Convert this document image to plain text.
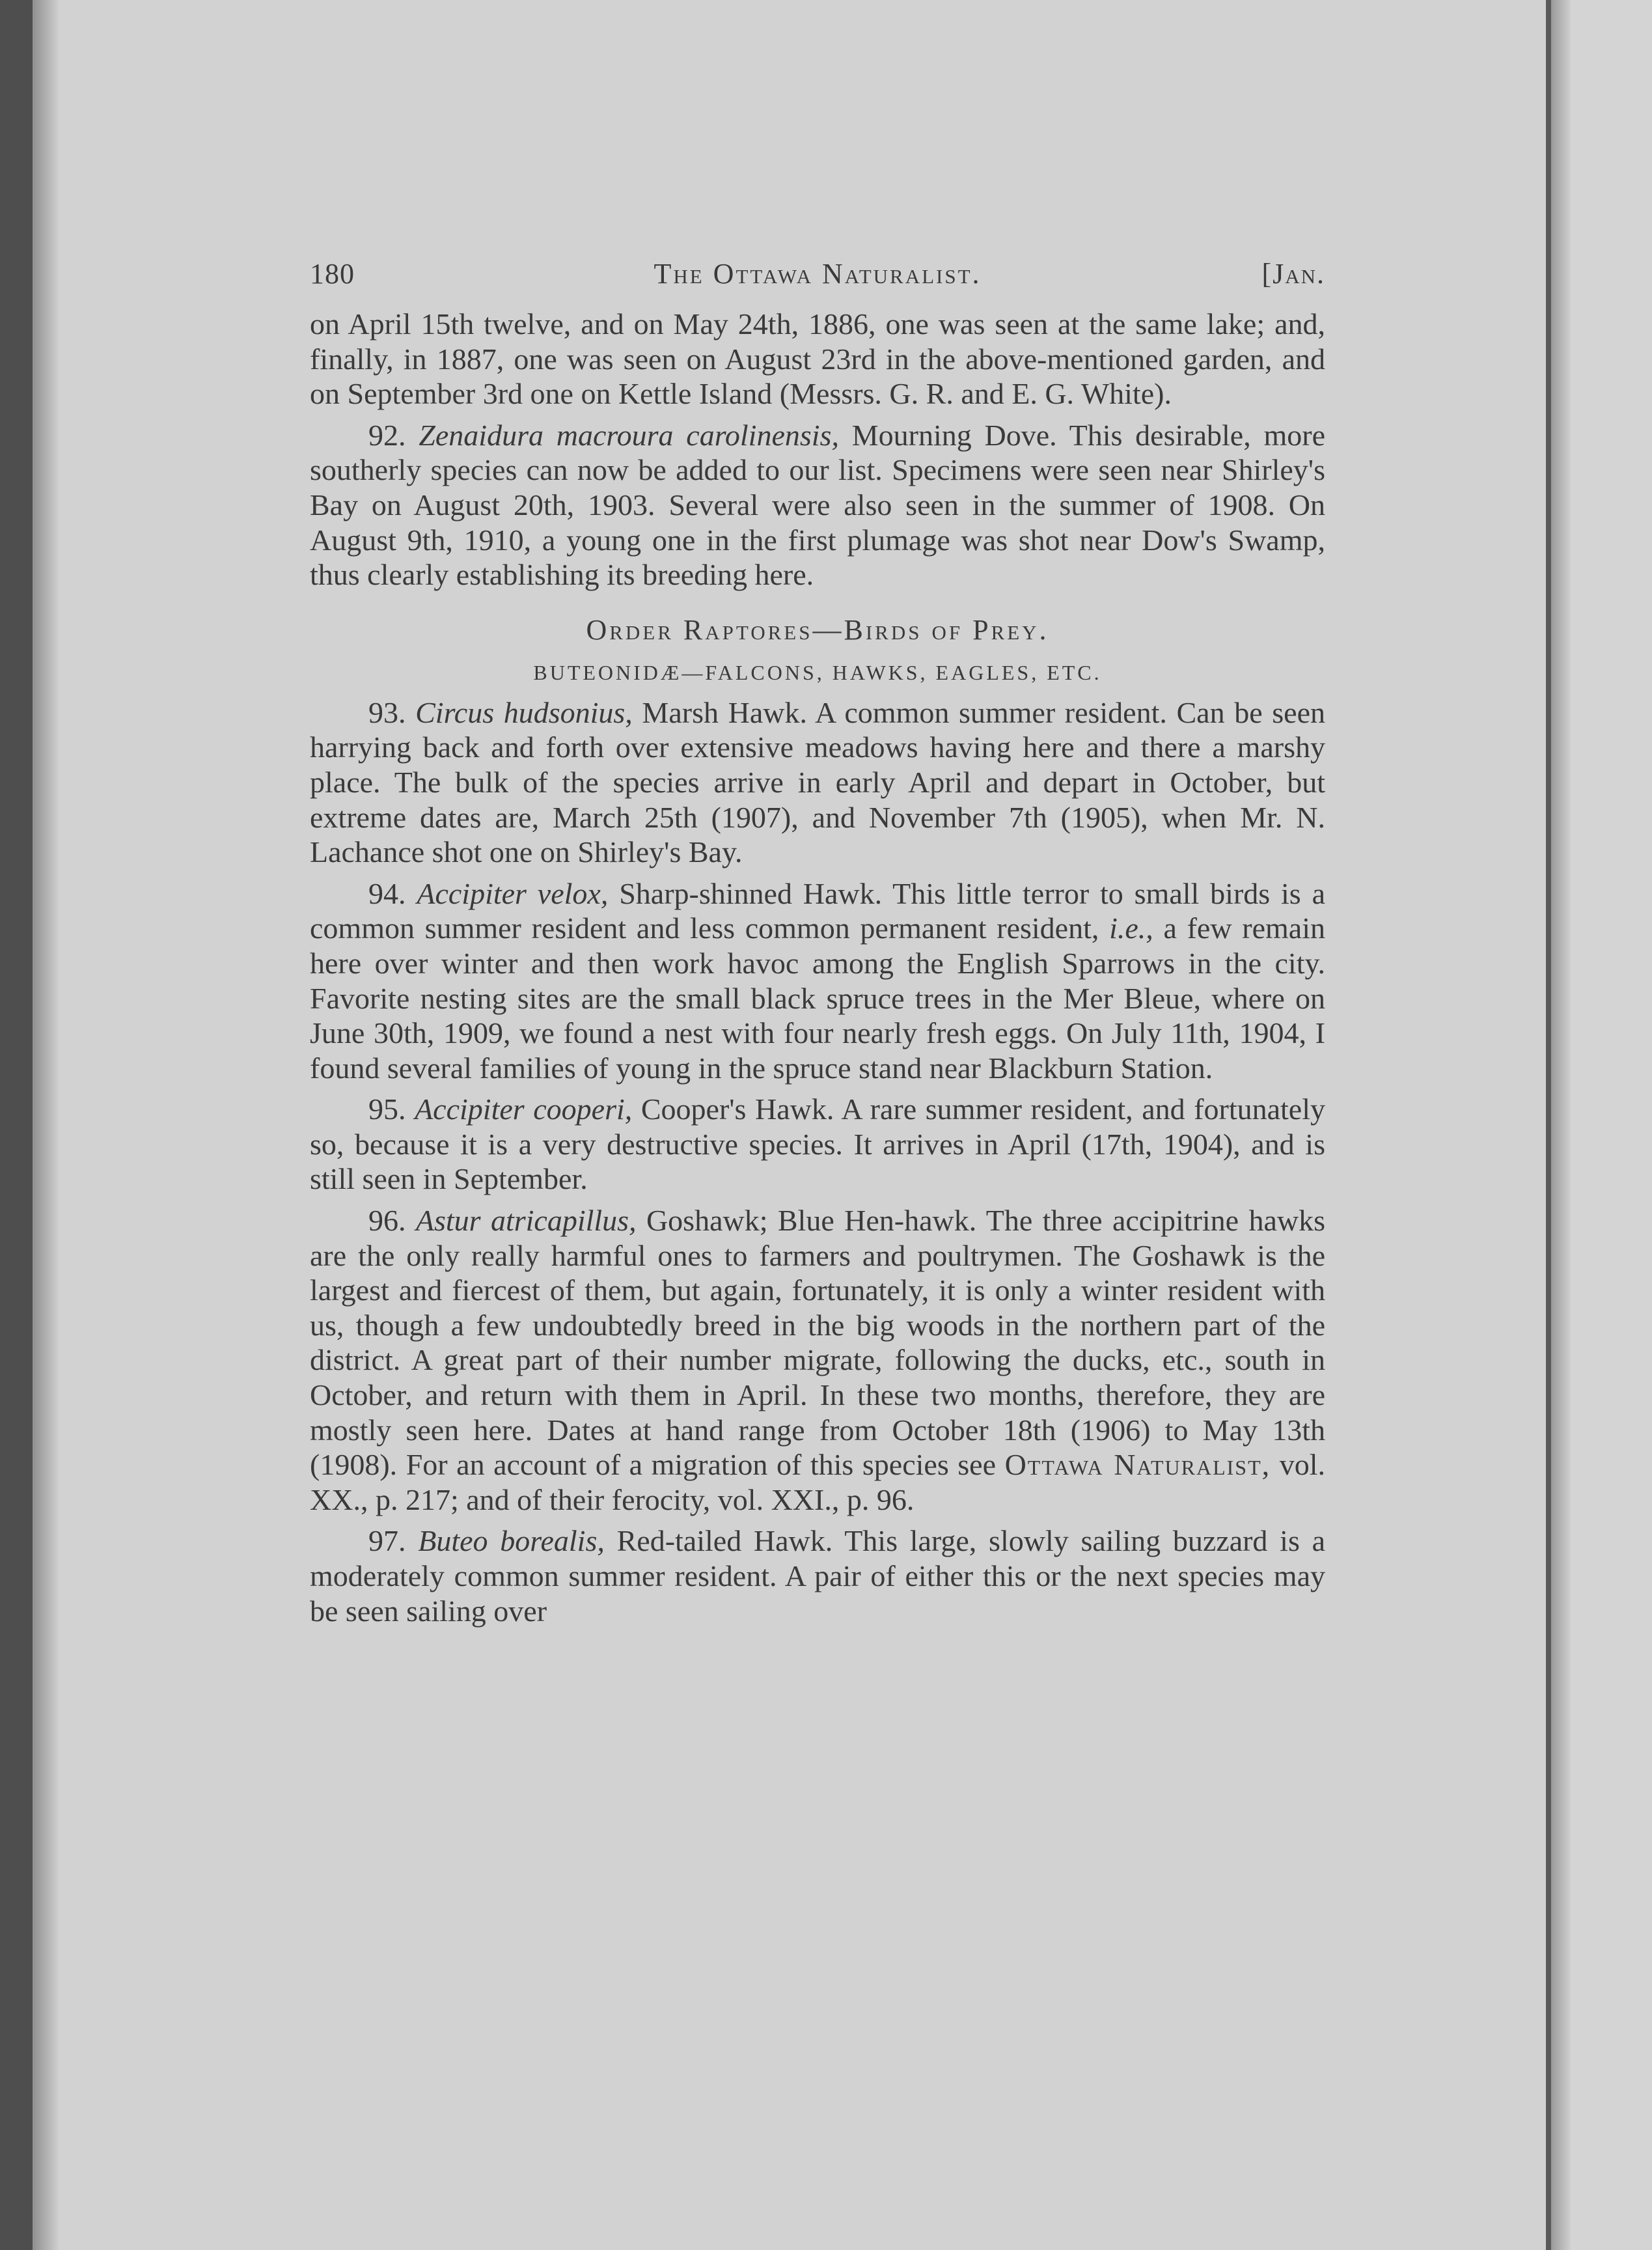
180	The Ottawa Naturalist.	[Jan.

on April 15th twelve, and on May 24th, 1886, one was seen at the same lake; and, finally, in 1887, one was seen on August 23rd in the above-mentioned garden, and on September 3rd one on Kettle Island (Messrs. G. R. and E. G. White).

92. Zenaidura macroura carolinensis, Mourning Dove. This desirable, more southerly species can now be added to our list. Specimens were seen near Shirley's Bay on August 20th, 1903. Several were also seen in the summer of 1908. On August 9th, 1910, a young one in the first plumage was shot near Dow's Swamp, thus clearly establishing its breeding here.

Order Raptores—Birds of Prey.
BUTEONIDÆ—FALCONS, HAWKS, EAGLES, ETC.

93. Circus hudsonius, Marsh Hawk. A common summer resident. Can be seen harrying back and forth over extensive meadows having here and there a marshy place. The bulk of the species arrive in early April and depart in October, but extreme dates are, March 25th (1907), and November 7th (1905), when Mr. N. Lachance shot one on Shirley's Bay.

94. Accipiter velox, Sharp-shinned Hawk. This little terror to small birds is a common summer resident and less common permanent resident, i.e., a few remain here over winter and then work havoc among the English Sparrows in the city. Favorite nesting sites are the small black spruce trees in the Mer Bleue, where on June 30th, 1909, we found a nest with four nearly fresh eggs. On July 11th, 1904, I found several families of young in the spruce stand near Blackburn Station.

95. Accipiter cooperi, Cooper's Hawk. A rare summer resident, and fortunately so, because it is a very destructive species. It arrives in April (17th, 1904), and is still seen in September.

96. Astur atricapillus, Goshawk; Blue Hen-hawk. The three accipitrine hawks are the only really harmful ones to farmers and poultrymen. The Goshawk is the largest and fiercest of them, but again, fortunately, it is only a winter resident with us, though a few undoubtedly breed in the big woods in the northern part of the district. A great part of their number migrate, following the ducks, etc., south in October, and return with them in April. In these two months, therefore, they are mostly seen here. Dates at hand range from October 18th (1906) to May 13th (1908). For an account of a migration of this species see Ottawa Naturalist, vol. XX., p. 217; and of their ferocity, vol. XXI., p. 96.

97. Buteo borealis, Red-tailed Hawk. This large, slowly sailing buzzard is a moderately common summer resident. A pair of either this or the next species may be seen sailing over
